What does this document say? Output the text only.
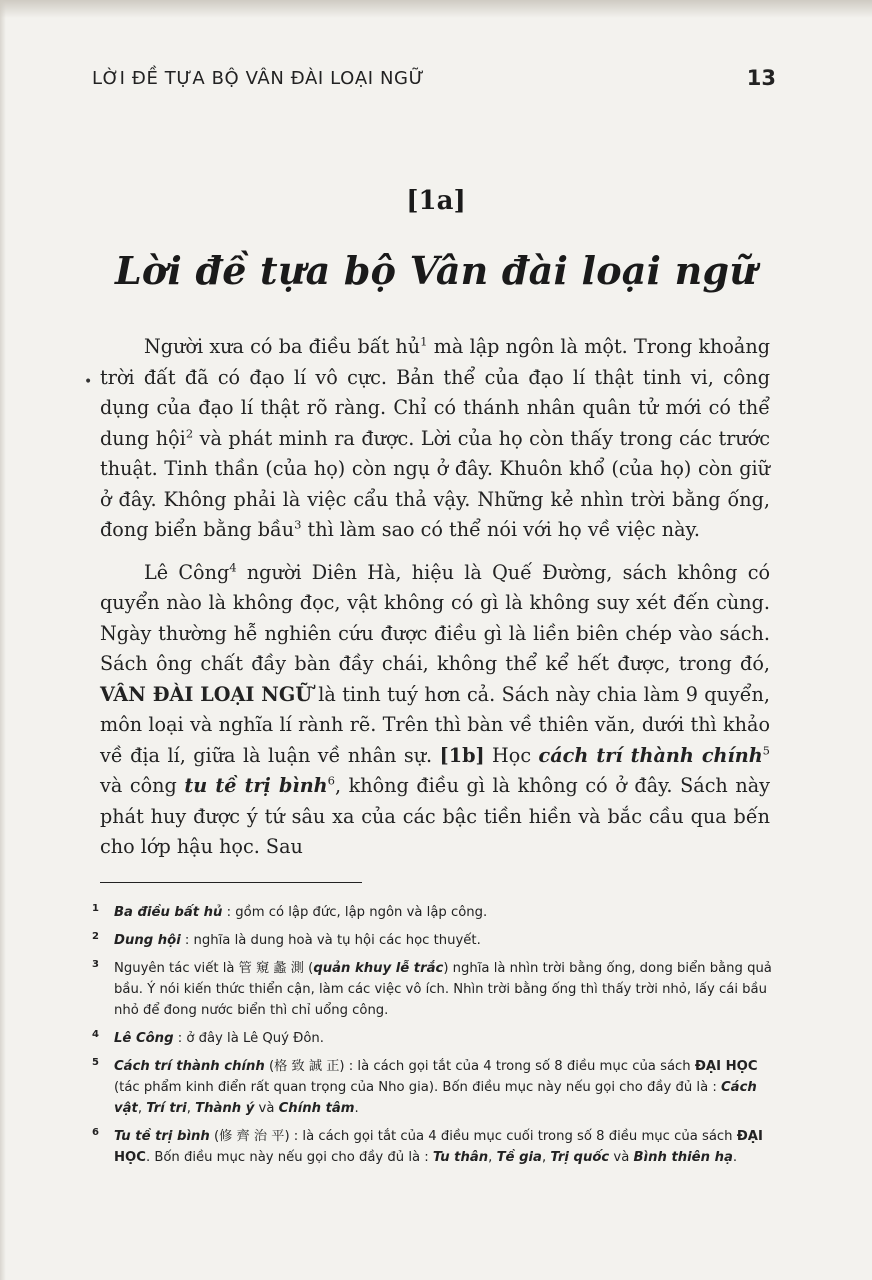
LỜI ĐỀ TỰA BỘ VÂN ĐÀI LOẠI NGỮ	13
[1a]
Lời đề tựa bộ Vân đài loại ngữ
•

Người xưa có ba điều bất hủ$^1$ mà lập ngôn là một. Trong khoảng trời đất đã có đạo lí vô cực. Bản thể của đạo lí thật tinh vi, công dụng của đạo lí thật rõ ràng. Chỉ có thánh nhân quân tử mới có thể dung hội$^2$ và phát minh ra được. Lời của họ còn thấy trong các trước thuật. Tinh thần (của họ) còn ngụ ở đây. Khuôn khổ (của họ) còn giữ ở đây. Không phải là việc cẩu thả vậy. Những kẻ nhìn trời bằng ống, đong biển bằng bầu$^3$ thì làm sao có thể nói với họ về việc này.

Lê Công$^4$ người Diên Hà, hiệu là Quế Đường, sách không có quyển nào là không đọc, vật không có gì là không suy xét đến cùng. Ngày thường hễ nghiên cứu được điều gì là liền biên chép vào sách. Sách ông chất đầy bàn đầy chái, không thể kể hết được, trong đó, VÂN ĐÀI LOẠI NGỮ là tinh tuý hơn cả. Sách này chia làm 9 quyển, môn loại và nghĩa lí rành rẽ. Trên thì bàn về thiên văn, dưới thì khảo về địa lí, giữa là luận về nhân sự. [1b] Học cách trí thành chính$^5$ và công tu tề trị bình$^6$, không điều gì là không có ở đây. Sách này phát huy được ý tứ sâu xa của các bậc tiền hiền và bắc cầu qua bến cho lớp hậu học. Sau

1 Ba điều bất hủ : gồm có lập đức, lập ngôn và lập công.
2 Dung hội : nghĩa là dung hoà và tụ hội các học thuyết.
3 Nguyên tác viết là 管 窺 蠡 測 (quản khuy lễ trắc) nghĩa là nhìn trời bằng ống, dong biển bằng quả bầu. Ý nói kiến thức thiển cận, làm các việc vô ích. Nhìn trời bằng ống thì thấy trời nhỏ, lấy cái bầu nhỏ để đong nước biển thì chỉ uổng công.
4 Lê Công : ở đây là Lê Quý Đôn.
5 Cách trí thành chính (格 致 誠 正) : là cách gọi tắt của 4 trong số 8 điều mục của sách ĐẠI HỌC (tác phẩm kinh điển rất quan trọng của Nho gia). Bốn điều mục này nếu gọi cho đầy đủ là : Cách vật, Trí tri, Thành ý và Chính tâm.
6 Tu tề trị bình (修 齊 治 平) : là cách gọi tắt của 4 điều mục cuối trong số 8 điều mục của sách ĐẠI HỌC. Bốn điều mục này nếu gọi cho đầy đủ là : Tu thân, Tề gia, Trị quốc và Bình thiên hạ.
